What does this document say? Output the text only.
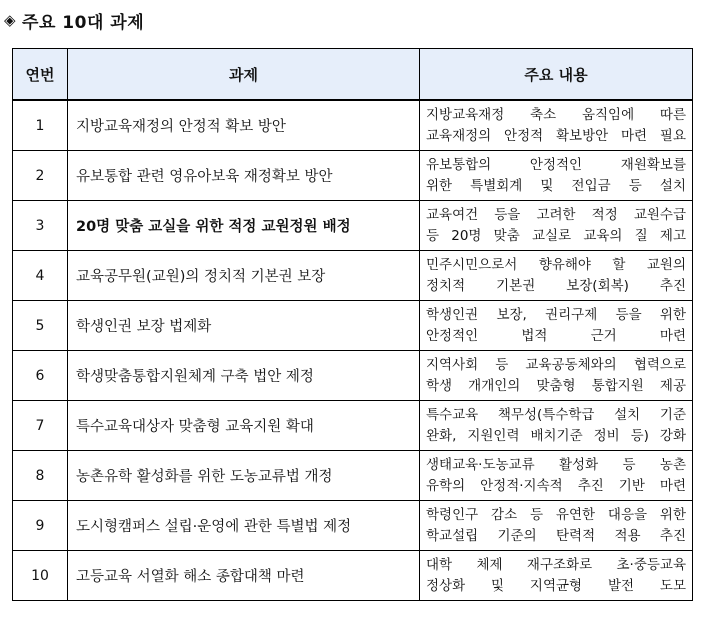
◈ 주요 10대 과제
연번	과제	주요 내용
1	지방교육재정의 안정적 확보 방안	지방교육재정 축소 움직임에 따른
교육재정의 안정적 확보방안 마련 필요

2	유보통합 관련 영유아보육 재정확보 방안	유보통합의 안정적인 재원확보를
위한 특별회계 및 전입금 등 설치

3	20명 맞춤 교실을 위한 적정 교원정원 배정	교육여건 등을 고려한 적정 교원수급
등 20명 맞춤 교실로 교육의 질 제고

4	교육공무원(교원)의 정치적 기본권 보장	민주시민으로서 향유해야 할 교원의
정치적 기본권 보장(회복) 추진

5	학생인권 보장 법제화	학생인권 보장, 권리구제 등을 위한
안정적인 법적 근거 마련

6	학생맞춤통합지원체계 구축 법안 제정	지역사회 등 교육공동체와의 협력으로
학생 개개인의 맞춤형 통합지원 제공

7	특수교육대상자 맞춤형 교육지원 확대	특수교육 책무성(특수학급 설치 기준
완화, 지원인력 배치기준 정비 등) 강화

8	농촌유학 활성화를 위한 도농교류법 개정	생태교육·도농교류 활성화 등 농촌
유학의 안정적·지속적 추진 기반 마련

9	도시형캠퍼스 설립·운영에 관한 특별법 제정	학령인구 감소 등 유연한 대응을 위한
학교설립 기준의 탄력적 적용 추진

10	고등교육 서열화 해소 종합대책 마련	대학 체제 재구조화로 초·중등교육
정상화 및 지역균형 발전 도모
